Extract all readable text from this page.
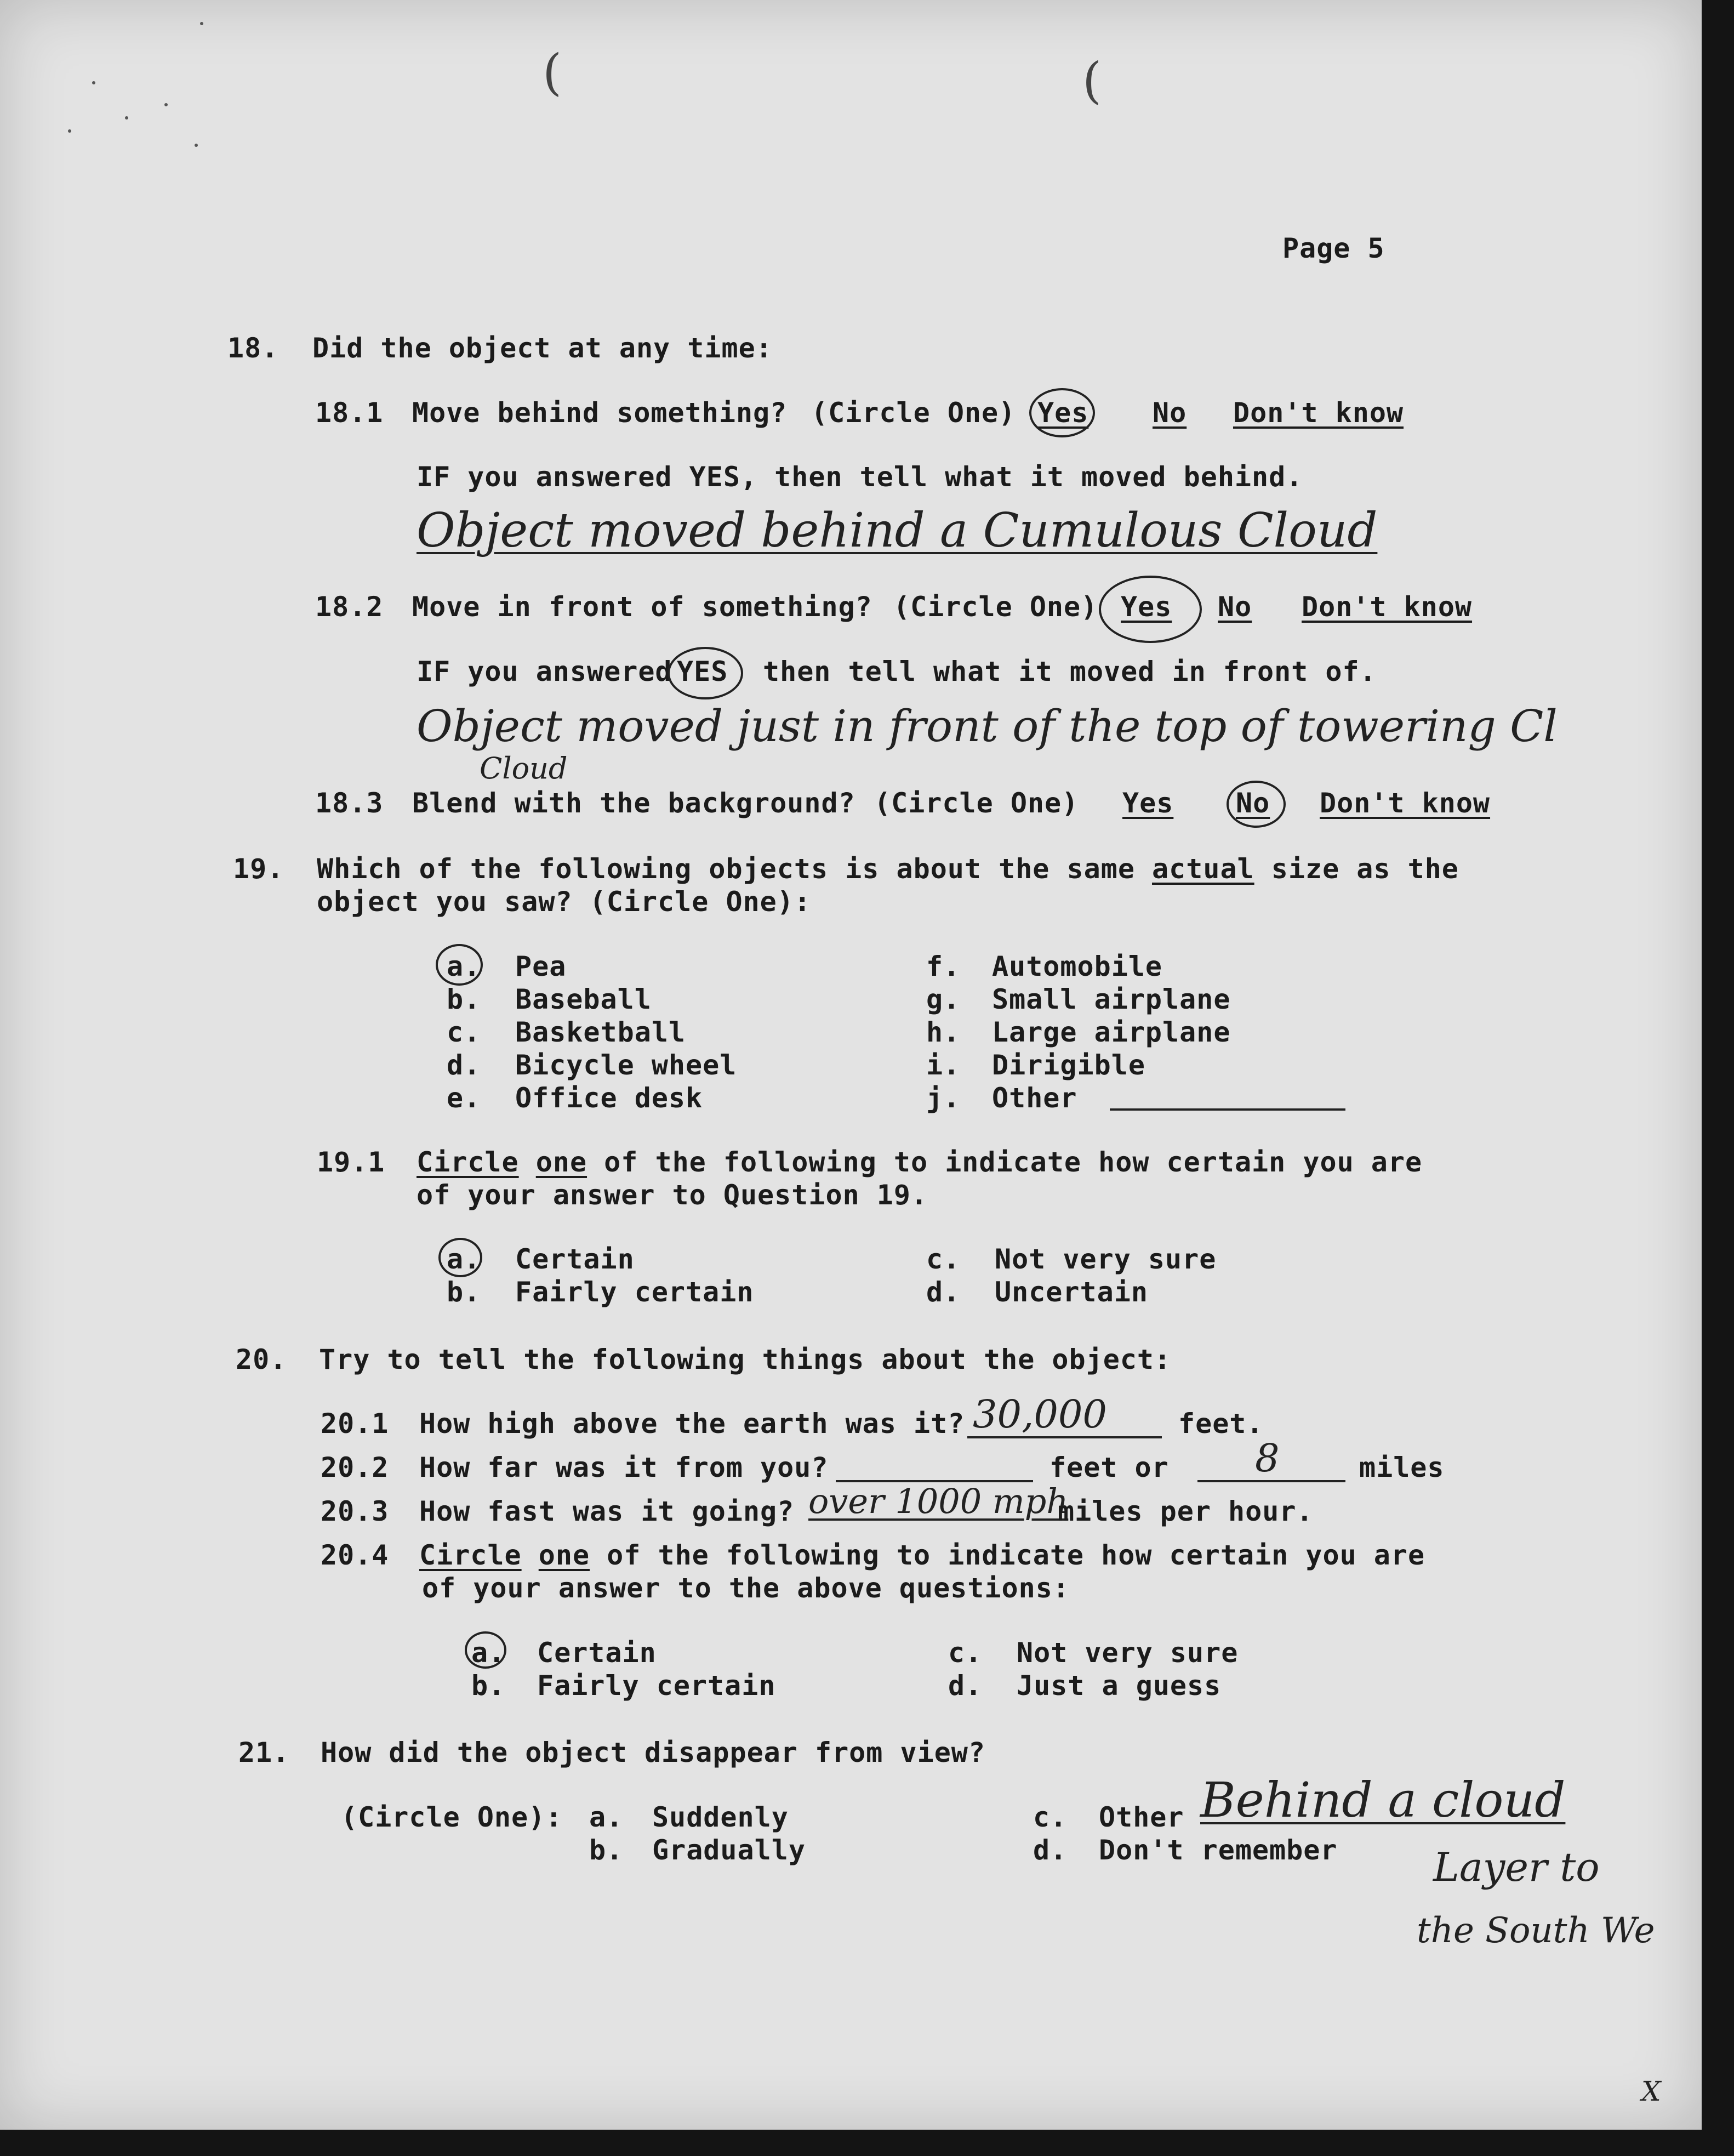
(	(
Page 5
18. Did the object at any time:
18.1 Move behind something? (Circle One) Yes No Don't know
IF you answered YES, then tell what it moved behind.
Object moved behind a Cumulous Cloud
18.2 Move in front of something? (Circle One) Yes No Don't know
IF you answered YES then tell what it moved in front of.
Object moved just in front of the top of towering Cl
Cloud
18.3 Blend with the background? (Circle One) Yes No Don't know
19. Which of the following objects is about the same actual size as the
object you saw? (Circle One):
a. Pea
b. Baseball
c. Basketball
d. Bicycle wheel
e. Office desk
f. Automobile
g. Small airplane
h. Large airplane
i. Dirigible
j. Other
19.1 Circle one of the following to indicate how certain you are
of your answer to Question 19.
a. Certain
b. Fairly certain
c. Not very sure
d. Uncertain
20. Try to tell the following things about the object:
20.1 How high above the earth was it? 30,000	feet.
20.2 How far was it from you?	feet or 8	miles
20.3 How fast was it going? over 1000 mph
miles per hour.
20.4 Circle one of the following to indicate how certain you are
of your answer to the above questions:
a. Certain
b. Fairly certain
c. Not very sure
d. Just a guess
21. How did the object disappear from view?
(Circle One): a. Suddenly
b. Gradually
c. Other
d. Don't remember
Behind a cloud
Layer to
the South We
X
